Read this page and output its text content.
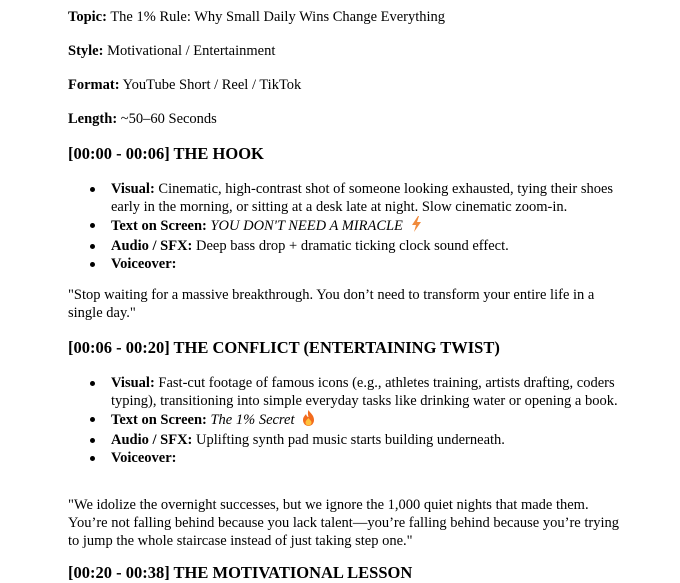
Topic: The 1% Rule: Why Small Daily Wins Change Everything

Style: Motivational / Entertainment

Format: YouTube Short / Reel / TikTok

Length: ~50–60 Seconds

[00:00 - 00:06] THE HOOK
Visual: Cinematic, high-contrast shot of someone looking exhausted, tying their shoes early in the morning, or sitting at a desk late at night. Slow cinematic zoom-in.
Text on Screen: YOU DON'T NEED A MIRACLE
Audio / SFX: Deep bass drop + dramatic ticking clock sound effect.
Voiceover:

"Stop waiting for a massive breakthrough. You don’t need to transform your entire life in a single day."

[00:06 - 00:20] THE CONFLICT (ENTERTAINING TWIST)
Visual: Fast-cut footage of famous icons (e.g., athletes training, artists drafting, coders typing), transitioning into simple everyday tasks like drinking water or opening a book.
Text on Screen: The 1% Secret
Audio / SFX: Uplifting synth pad music starts building underneath.
Voiceover:

"We idolize the overnight successes, but we ignore the 1,000 quiet nights that made them. You’re not falling behind because you lack talent—you’re falling behind because you’re trying to jump the whole staircase instead of just taking step one."

[00:20 - 00:38] THE MOTIVATIONAL LESSON
